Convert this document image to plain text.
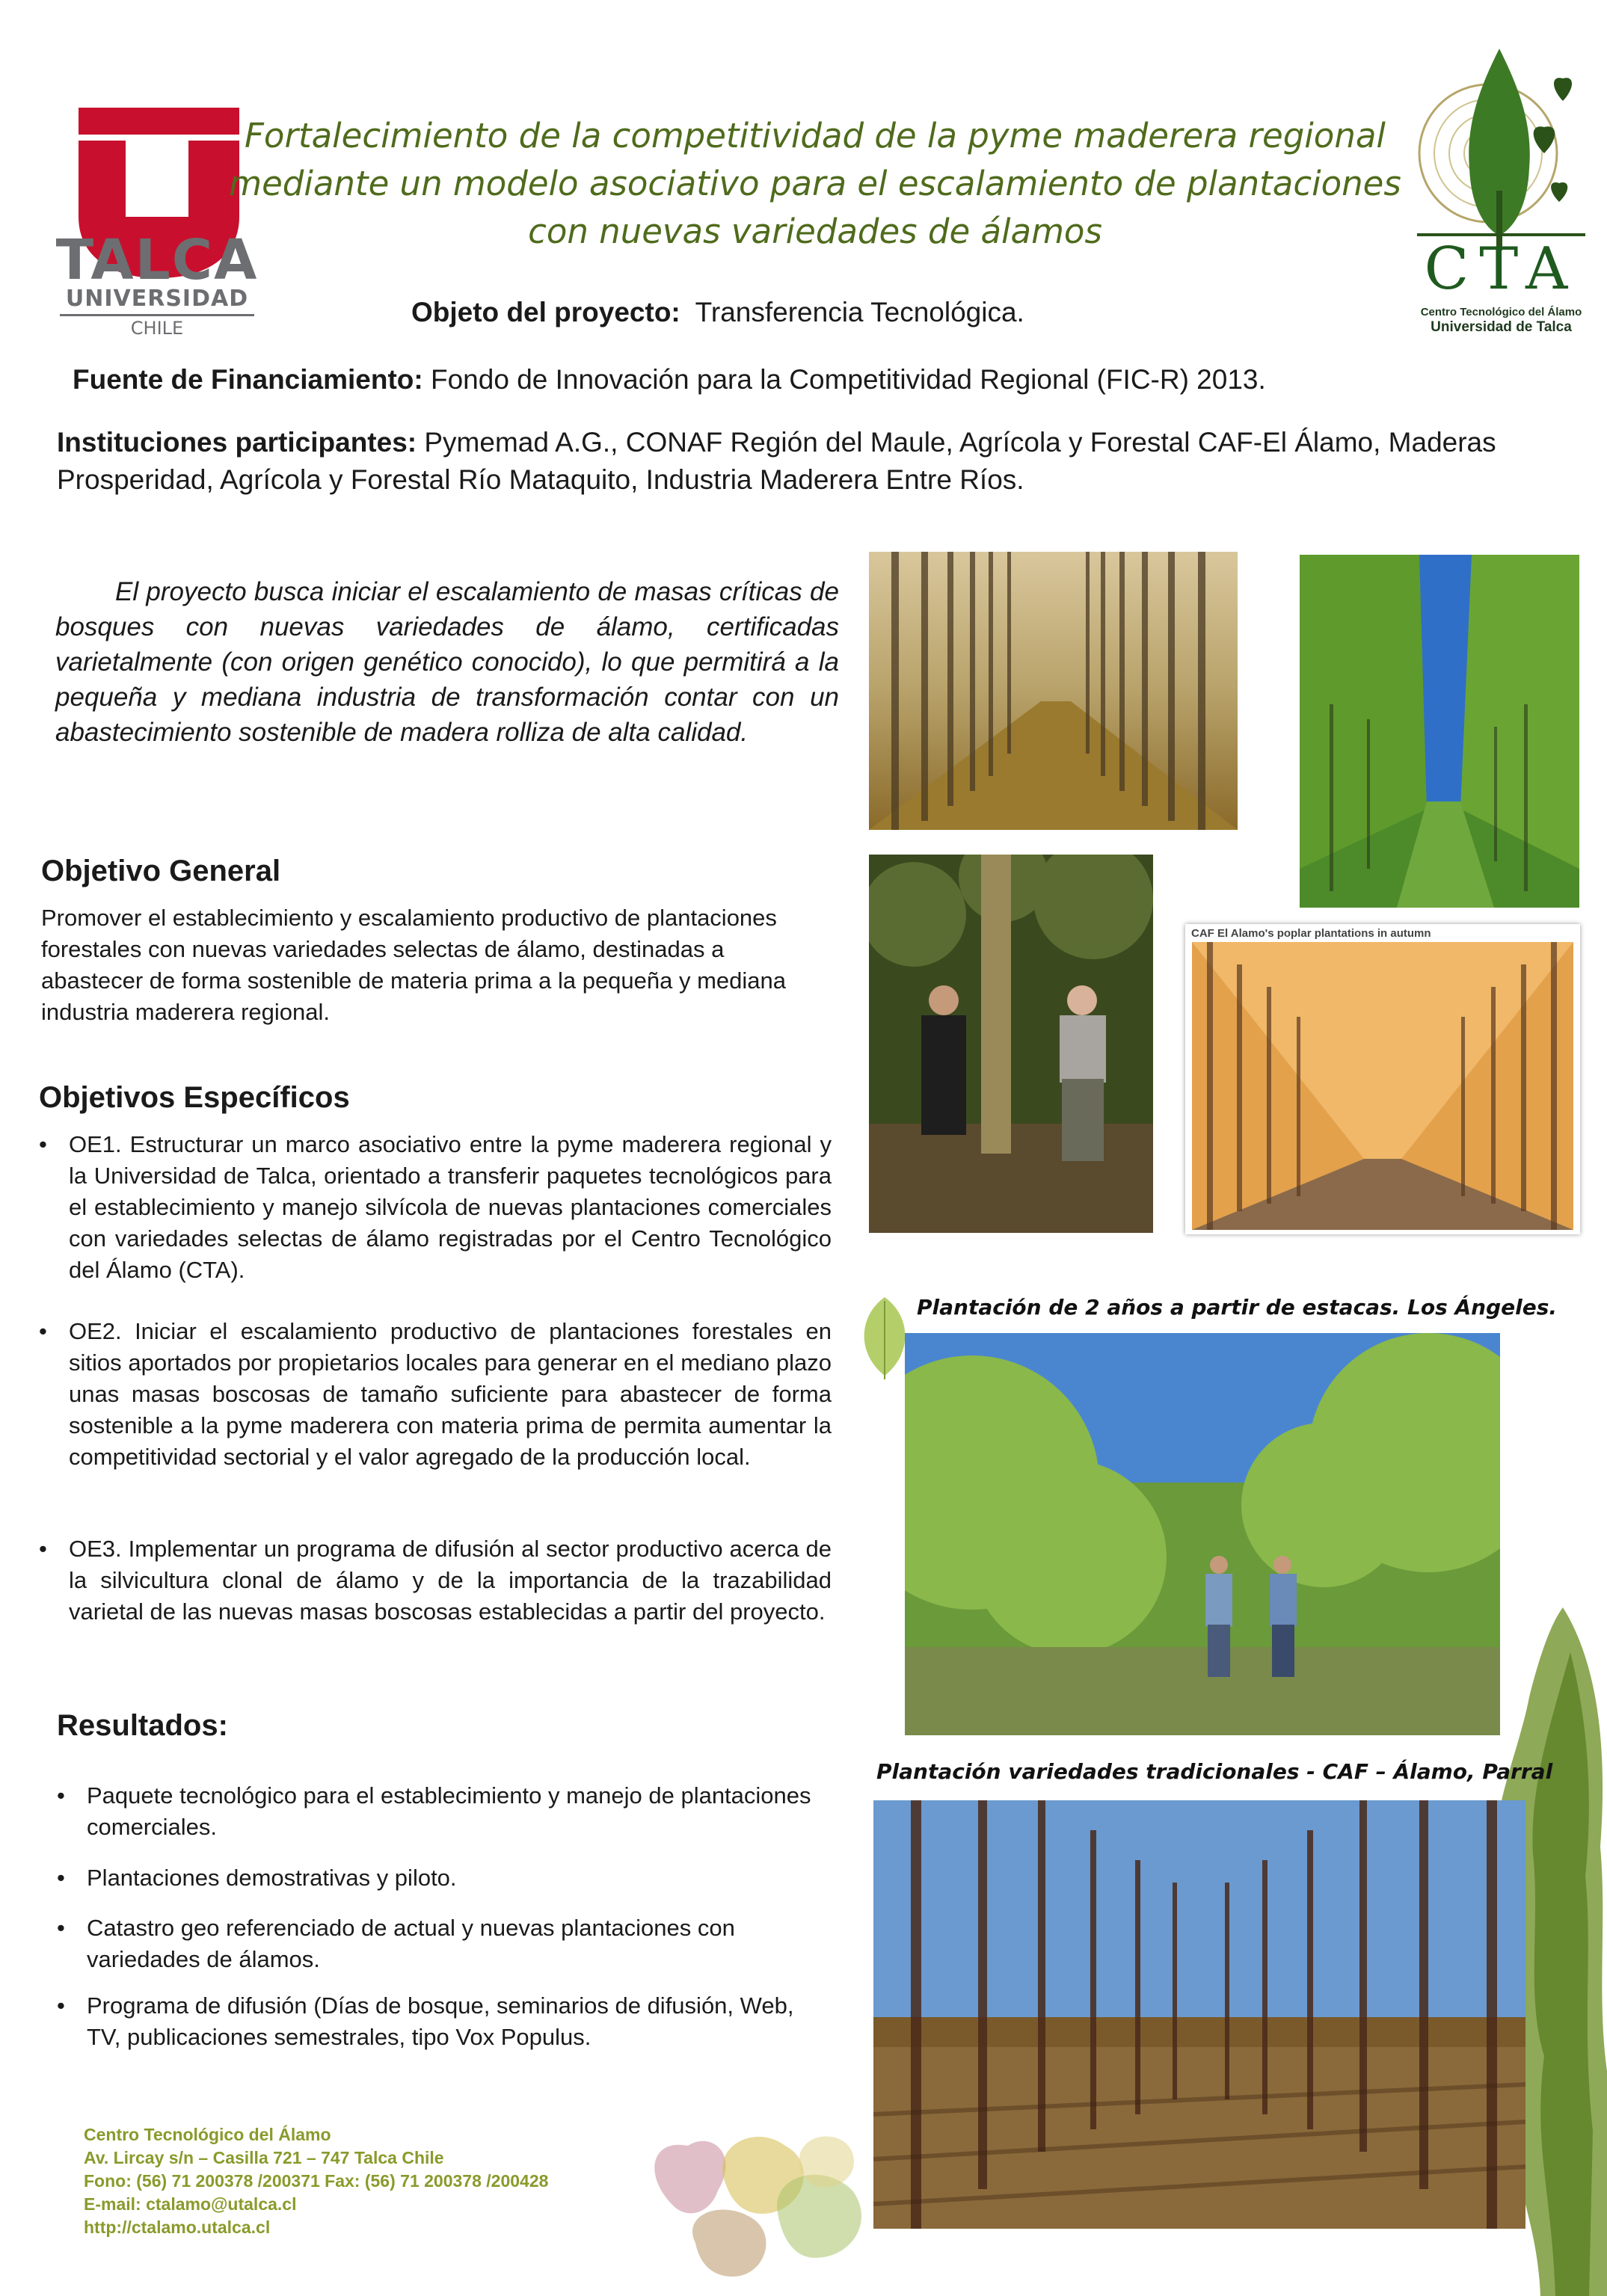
TALCA
UNIVERSIDAD
CHILE
CTA
Centro Tecnológico del Álamo
Universidad de Talca
Fortalecimiento de la competitividad de la pyme maderera regional mediante un modelo asociativo para el escalamiento de plantaciones con nuevas variedades de álamos
Objeto del proyecto: Transferencia Tecnológica.
Fuente de Financiamiento: Fondo de Innovación para la Competitividad Regional (FIC-R) 2013.
Instituciones participantes: Pymemad A.G., CONAF Región del Maule, Agrícola y Forestal CAF-El Álamo, Maderas Prosperidad, Agrícola y Forestal Río Mataquito, Industria Maderera Entre Ríos.
El proyecto busca iniciar el escalamiento de masas críticas de bosques con nuevas variedades de álamo, certificadas varietalmente (con origen genético conocido), lo que permitirá a la pequeña y mediana industria de transformación contar con un abastecimiento sostenible de madera rolliza de alta calidad.
Objetivo General
Promover el establecimiento y escalamiento productivo de plantaciones forestales con nuevas variedades selectas de álamo, destinadas a abastecer de forma sostenible de materia prima a la pequeña y mediana industria maderera regional.
Objetivos Específicos
• OE1. Estructurar un marco asociativo entre la pyme maderera regional y la Universidad de Talca, orientado a transferir paquetes tecnológicos para el establecimiento y manejo silvícola de nuevas plantaciones comerciales con variedades selectas de álamo registradas por el Centro Tecnológico del Álamo (CTA).
• OE2. Iniciar el escalamiento productivo de plantaciones forestales en sitios aportados por propietarios locales para generar en el mediano plazo unas masas boscosas de tamaño suficiente para abastecer de forma sostenible a la pyme maderera con materia prima de permita aumentar la competitividad sectorial y el valor agregado de la producción local.
• OE3. Implementar un programa de difusión al sector productivo acerca de la silvicultura clonal de álamo y de la importancia de la trazabilidad varietal de las nuevas masas boscosas establecidas a partir del proyecto.
Resultados:
• Paquete tecnológico para el establecimiento y manejo de plantaciones comerciales.
• Plantaciones demostrativas y piloto.
• Catastro geo referenciado de actual y nuevas plantaciones con variedades de álamos.
• Programa de difusión (Días de bosque, seminarios de difusión, Web, TV, publicaciones semestrales, tipo Vox Populus.
Centro Tecnológico del Álamo
Av. Lircay s/n – Casilla 721 – 747 Talca Chile
Fono: (56) 71 200378 /200371 Fax: (56) 71 200378 /200428
E-mail: ctalamo@utalca.cl
http://ctalamo.utalca.cl
CAF El Alamo's poplar plantations in autumn
Plantación de 2 años a partir de estacas. Los Ángeles.
Plantación variedades tradicionales - CAF – Álamo, Parral
